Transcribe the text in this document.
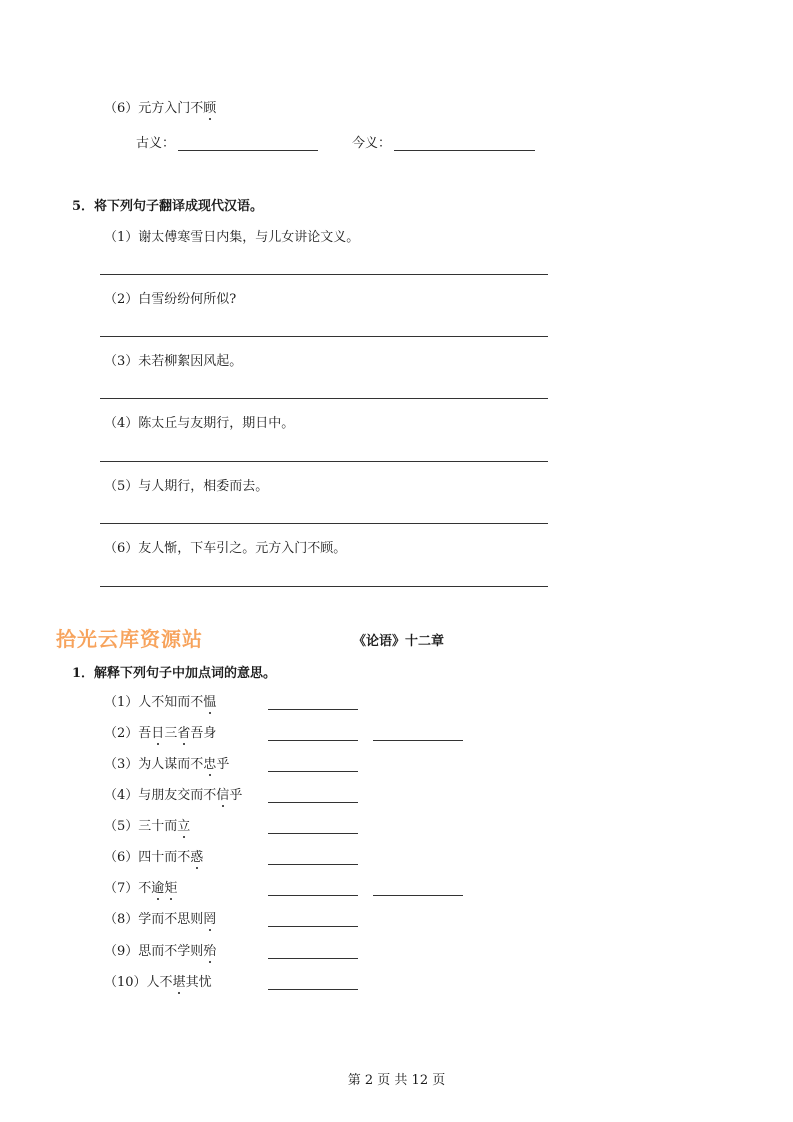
（6）元方入门不顾
古义：	今义：
5．将下列句子翻译成现代汉语。
（1）谢太傅寒雪日内集，与儿女讲论文义。
（2）白雪纷纷何所似?
（3）未若柳絮因风起。
（4）陈太丘与友期行，期日中。
（5）与人期行，相委而去。
（6）友人惭，下车引之。元方入门不顾。
拾光云库资源站	《论语》十二章
1．解释下列句子中加点词的意思。
（1）人不知而不愠
（2）吾日三省吾身
（3）为人谋而不忠乎
（4）与朋友交而不信乎
（5）三十而立
（6）四十而不惑
（7）不逾矩
（8）学而不思则罔
（9）思而不学则殆
（10）人不堪其忧
第 2 页 共 12 页
